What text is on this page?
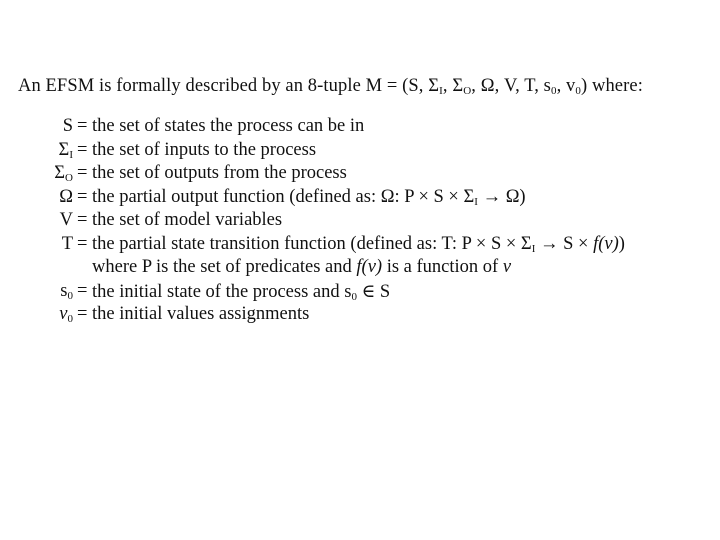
An EFSM is formally described by an 8-tuple M = (S, $\Sigma_I$, $\Sigma_O$, Ω, V, T, $s_0$, $v_0$) where:
S = the set of states the process can be in
$\Sigma_I$ = the set of inputs to the process
$\Sigma_O$ = the set of outputs from the process
Ω = the partial output function (defined as: Ω: $P \times S \times \Sigma_I \to \Omega$)
V = the set of model variables
T = the partial state transition function (defined as: T: $P \times S \times \Sigma_I \to S \times f(v)$)
where P is the set of predicates and f(v) is a function of v
$s_0$ = the initial state of the process and $s_0$ ∈ S
$v_0$ = the initial values assignments
